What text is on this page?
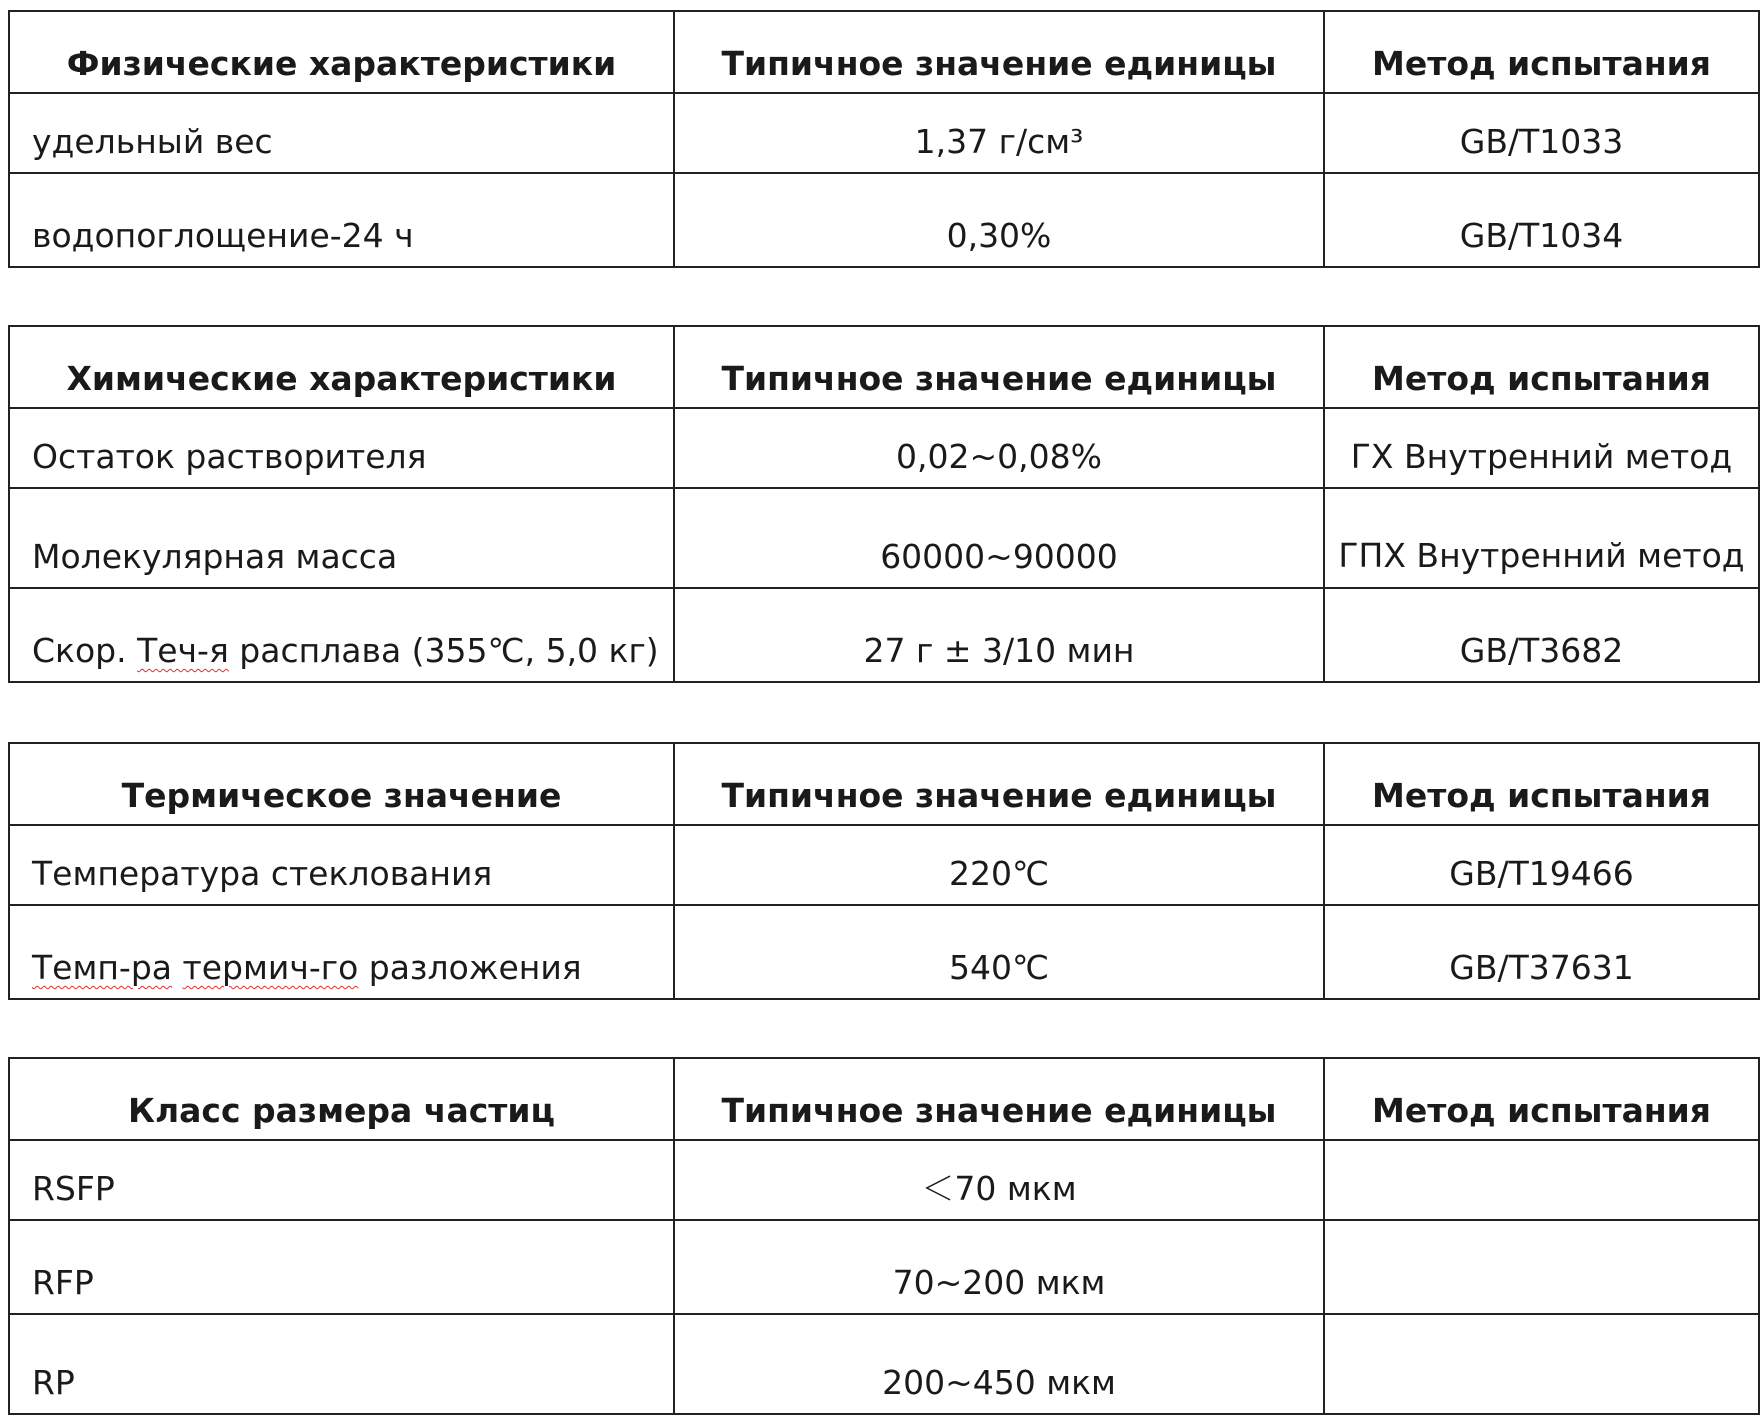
Физические характеристики	Типичное значение единицы	Метод испытания
удельный вес	1,37 г/см³	GB/T1033
водопоглощение-24 ч	0,30%	GB/T1034
Химические характеристики	Типичное значение единицы	Метод испытания
Остаток растворителя	0,02~0,08%	ГХ Внутренний метод
Молекулярная масса	60000~90000	ГПХ Внутренний метод
Скор. Теч-я расплава (355℃, 5,0 кг)	27 г ± 3/10 мин	GB/T3682
Термическое значение	Типичное значение единицы	Метод испытания
Температура стеклования	220℃	GB/T19466
Темп-ра термич-го разложения	540℃	GB/T37631
Класс размера частиц	Типичное значение единицы	Метод испытания
RSFP	＜70 мкм	
RFP	70~200 мкм	
RP	200~450 мкм	
